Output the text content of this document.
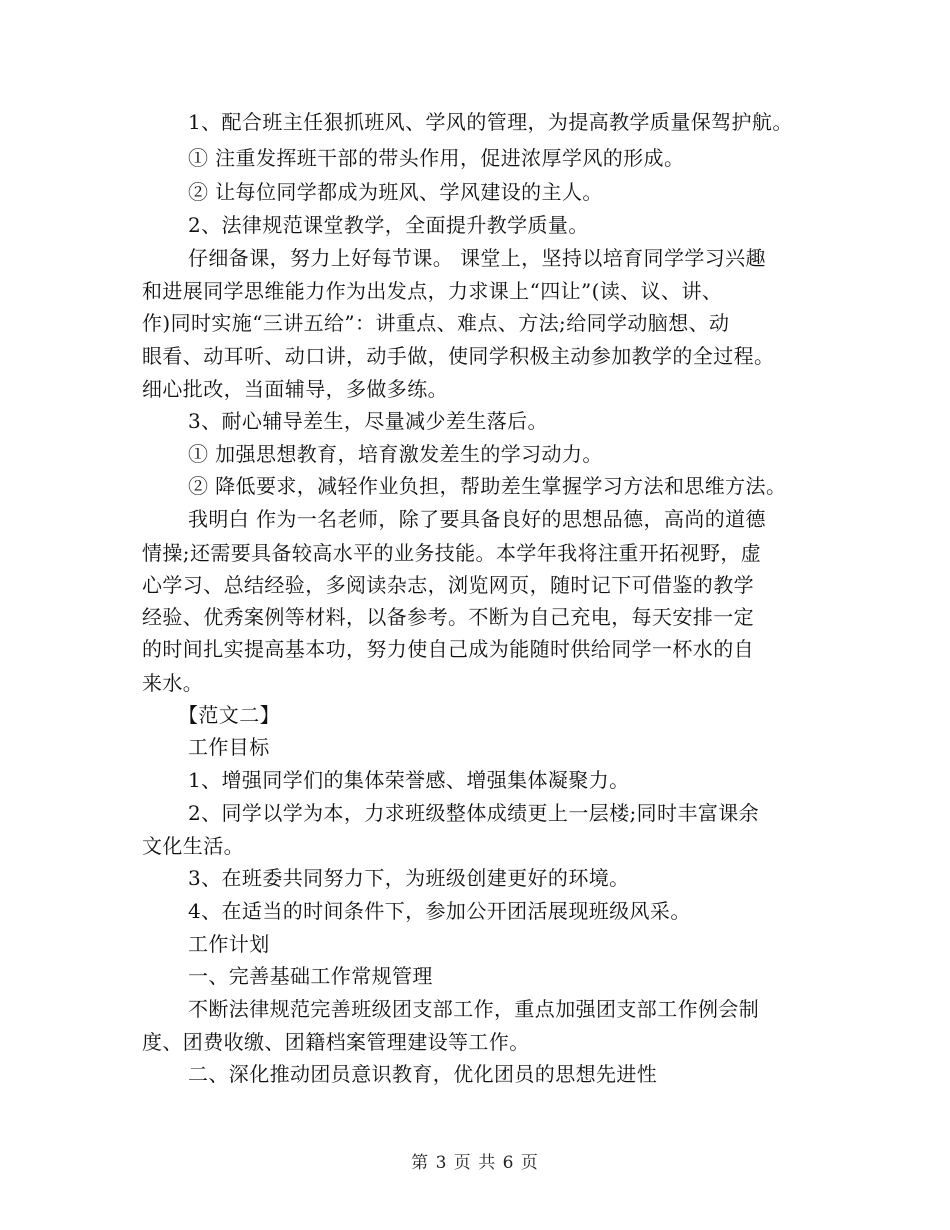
1、配合班主任狠抓班风、学风的管理，为提高教学质量保驾护航。
① 注重发挥班干部的带头作用，促进浓厚学风的形成。
② 让每位同学都成为班风、学风建设的主人。
2、法律规范课堂教学，全面提升教学质量。
仔细备课，努力上好每节课。 课堂上，坚持以培育同学学习兴趣
和进展同学思维能力作为出发点，力求课上“四让”(读、议、讲、
作)同时实施“三讲五给”：讲重点、难点、方法;给同学动脑想、动
眼看、动耳听、动口讲，动手做，使同学积极主动参加教学的全过程。
细心批改，当面辅导，多做多练。
3、耐心辅导差生，尽量减少差生落后。
① 加强思想教育，培育激发差生的学习动力。
② 降低要求，减轻作业负担，帮助差生掌握学习方法和思维方法。
我明白 作为一名老师，除了要具备良好的思想品德，高尚的道德
情操;还需要具备较高水平的业务技能。本学年我将注重开拓视野，虚
心学习、总结经验，多阅读杂志，浏览网页，随时记下可借鉴的教学
经验、优秀案例等材料，以备参考。不断为自己充电，每天安排一定
的时间扎实提高基本功，努力使自己成为能随时供给同学一杯水的自
来水。
【范文二】
工作目标
1、增强同学们的集体荣誉感、增强集体凝聚力。
2、同学以学为本，力求班级整体成绩更上一层楼;同时丰富课余
文化生活。
3、在班委共同努力下，为班级创建更好的环境。
4、在适当的时间条件下，参加公开团活展现班级风采。
工作计划
一、完善基础工作常规管理
不断法律规范完善班级团支部工作，重点加强团支部工作例会制
度、团费收缴、团籍档案管理建设等工作。
二、深化推动团员意识教育，优化团员的思想先进性
第 3 页 共 6 页
